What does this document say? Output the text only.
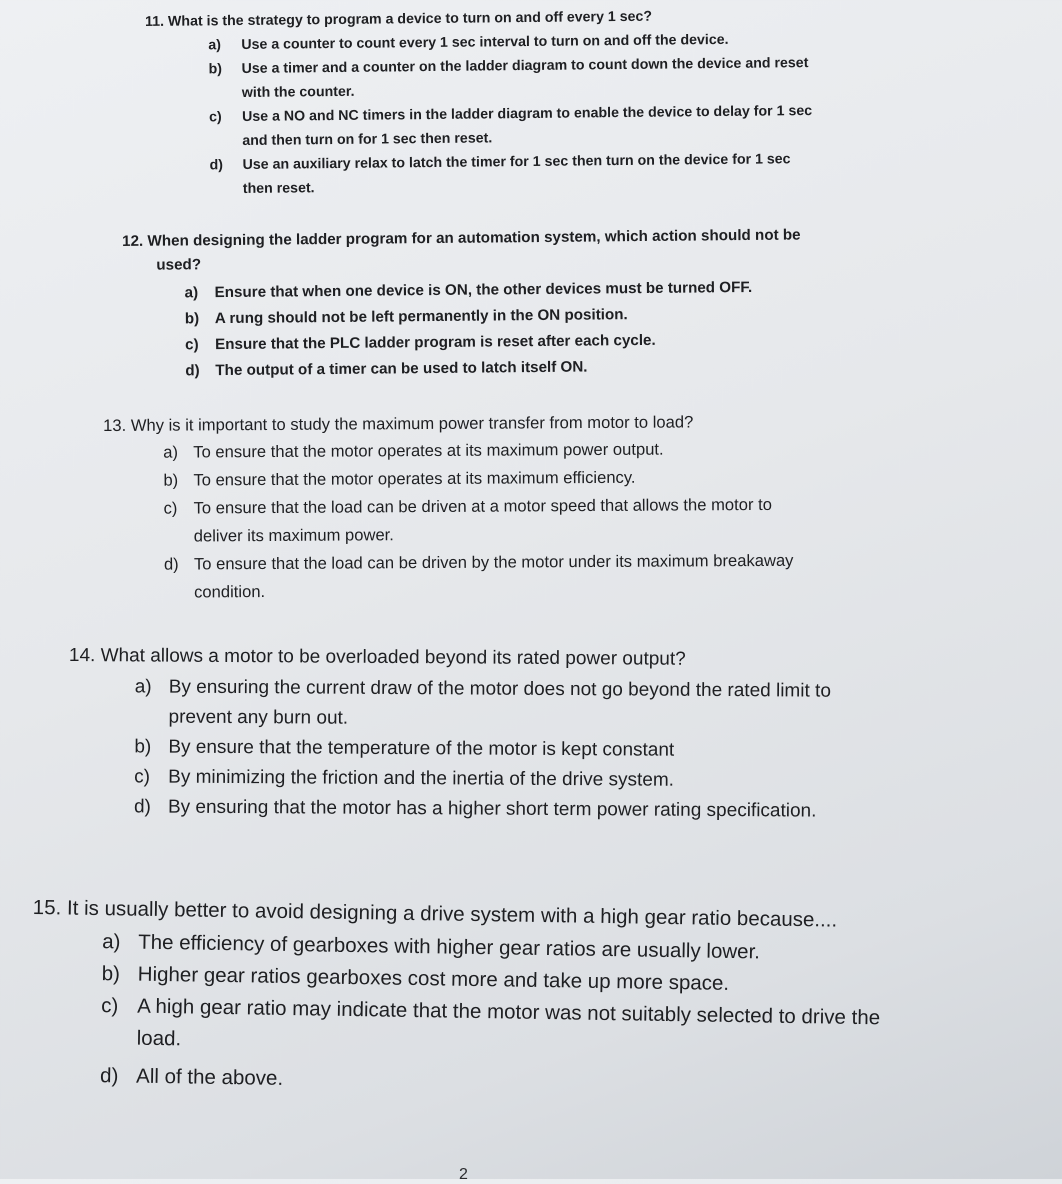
11. What is the strategy to program a device to turn on and off every 1 sec?
a) Use a counter to count every 1 sec interval to turn on and off the device.
b) Use a timer and a counter on the ladder diagram to count down the device and reset
with the counter.
c) Use a NO and NC timers in the ladder diagram to enable the device to delay for 1 sec
and then turn on for 1 sec then reset.
d) Use an auxiliary relax to latch the timer for 1 sec then turn on the device for 1 sec
then reset.
12. When designing the ladder program for an automation system, which action should not be
used?
a) Ensure that when one device is ON, the other devices must be turned OFF.
b) A rung should not be left permanently in the ON position.
c) Ensure that the PLC ladder program is reset after each cycle.
d) The output of a timer can be used to latch itself ON.
13. Why is it important to study the maximum power transfer from motor to load?
a) To ensure that the motor operates at its maximum power output.
b) To ensure that the motor operates at its maximum efficiency.
c) To ensure that the load can be driven at a motor speed that allows the motor to
deliver its maximum power.
d) To ensure that the load can be driven by the motor under its maximum breakaway
condition.
14. What allows a motor to be overloaded beyond its rated power output?
a) By ensuring the current draw of the motor does not go beyond the rated limit to
prevent any burn out.
b) By ensure that the temperature of the motor is kept constant
c) By minimizing the friction and the inertia of the drive system.
d) By ensuring that the motor has a higher short term power rating specification.
15. It is usually better to avoid designing a drive system with a high gear ratio because....
a) The efficiency of gearboxes with higher gear ratios are usually lower.
b) Higher gear ratios gearboxes cost more and take up more space.
c) A high gear ratio may indicate that the motor was not suitably selected to drive the
load.
d) All of the above.
2
